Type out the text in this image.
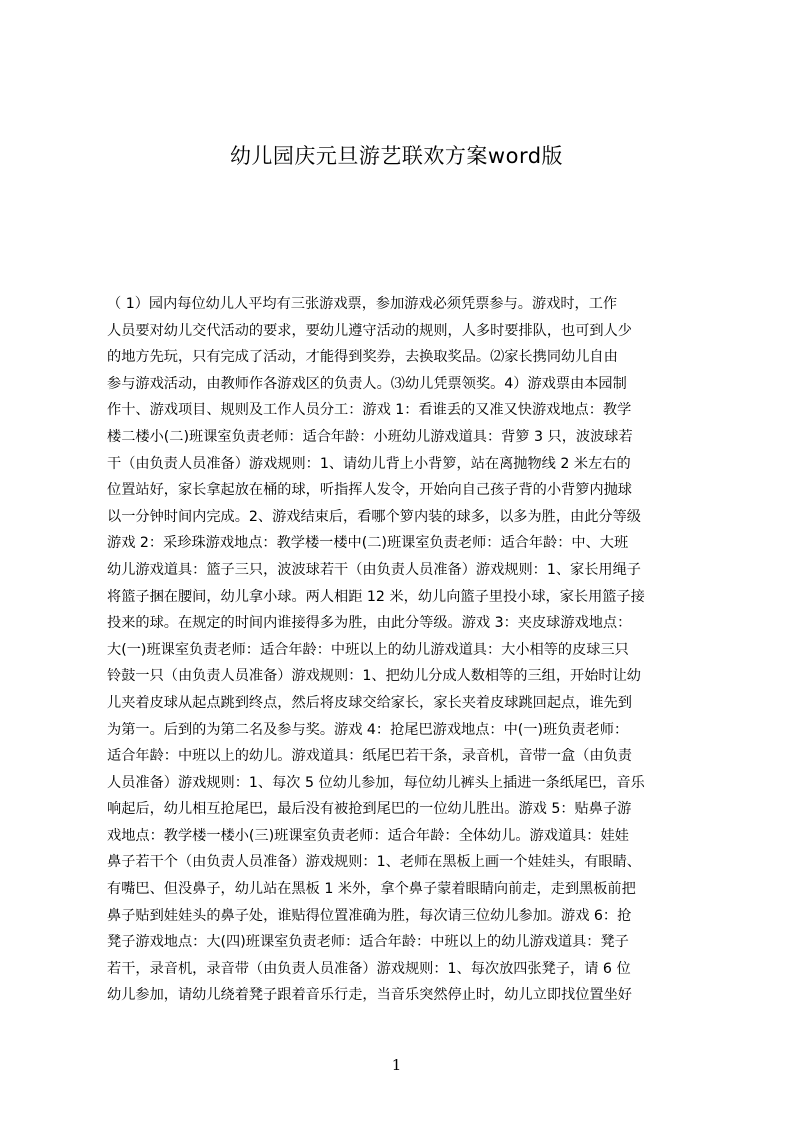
幼儿园庆元旦游艺联欢方案word版
（ 1）园内每位幼儿人平均有三张游戏票，参加游戏必须凭票参与。游戏时，工作
人员要对幼儿交代活动的要求，要幼儿遵守活动的规则，人多时要排队，也可到人少
的地方先玩，只有完成了活动，才能得到奖券，去换取奖品。⑵家长携同幼儿自由
参与游戏活动，由教师作各游戏区的负责人。⑶幼儿凭票领奖。4）游戏票由本园制
作十、游戏项目、规则及工作人员分工：游戏 1：看谁丢的又准又快游戏地点：教学
楼二楼小(二)班课室负责老师：适合年龄：小班幼儿游戏道具：背箩 3 只，波波球若
干（由负责人员准备）游戏规则：1、请幼儿背上小背箩，站在离抛物线 2 米左右的
位置站好，家长拿起放在桶的球，听指挥人发令，开始向自己孩子背的小背箩内抛球
以一分钟时间内完成。2、游戏结束后，看哪个箩内装的球多，以多为胜，由此分等级
游戏 2：采珍珠游戏地点：教学楼一楼中(二)班课室负责老师：适合年龄：中、大班
幼儿游戏道具：篮子三只，波波球若干（由负责人员准备）游戏规则：1、家长用绳子
将篮子捆在腰间，幼儿拿小球。两人相距 12 米，幼儿向篮子里投小球，家长用篮子接
投来的球。在规定的时间内谁接得多为胜，由此分等级。游戏 3：夹皮球游戏地点：
大(一)班课室负责老师：适合年龄：中班以上的幼儿游戏道具：大小相等的皮球三只
铃鼓一只（由负责人员准备）游戏规则：1、把幼儿分成人数相等的三组，开始时让幼
儿夹着皮球从起点跳到终点，然后将皮球交给家长，家长夹着皮球跳回起点，谁先到
为第一。后到的为第二名及参与奖。游戏 4：抢尾巴游戏地点：中(一)班负责老师：
适合年龄：中班以上的幼儿。游戏道具：纸尾巴若干条，录音机，音带一盒（由负责
人员准备）游戏规则：1、每次 5 位幼儿参加，每位幼儿裤头上插进一条纸尾巴，音乐
响起后，幼儿相互抢尾巴，最后没有被抢到尾巴的一位幼儿胜出。游戏 5：贴鼻子游
戏地点：教学楼一楼小(三)班课室负责老师：适合年龄：全体幼儿。游戏道具：娃娃
鼻子若干个（由负责人员准备）游戏规则：1、老师在黑板上画一个娃娃头，有眼睛、
有嘴巴、但没鼻子，幼儿站在黑板 1 米外，拿个鼻子蒙着眼睛向前走，走到黑板前把
鼻子贴到娃娃头的鼻子处，谁贴得位置准确为胜，每次请三位幼儿参加。游戏 6：抢
凳子游戏地点：大(四)班课室负责老师：适合年龄：中班以上的幼儿游戏道具：凳子
若干，录音机，录音带（由负责人员准备）游戏规则：1、每次放四张凳子，请 6 位
幼儿参加，请幼儿绕着凳子跟着音乐行走，当音乐突然停止时，幼儿立即找位置坐好
1
